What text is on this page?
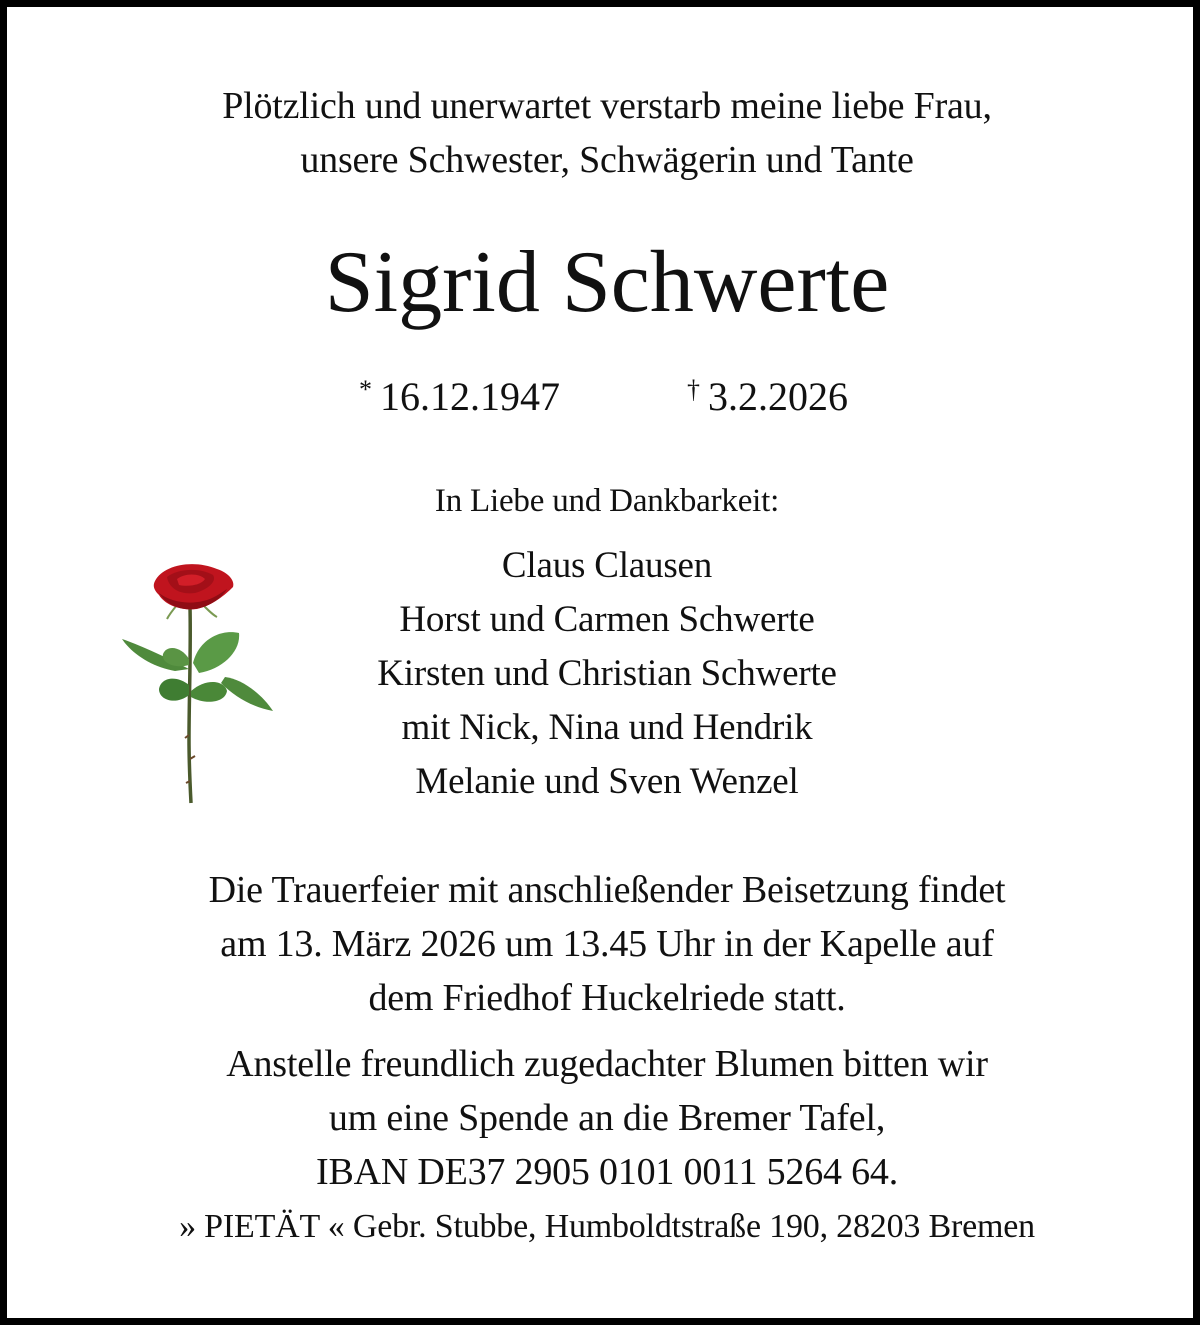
Plötzlich und unerwartet verstarb meine liebe Frau,
unsere Schwester, Schwägerin und Tante
Sigrid Schwerte
* 16.12.1947	† 3.2.2026
In Liebe und Dankbarkeit:
Claus Clausen
Horst und Carmen Schwerte
Kirsten und Christian Schwerte
mit Nick, Nina und Hendrik
Melanie und Sven Wenzel
Die Trauerfeier mit anschließender Beisetzung findet
am 13. März 2026 um 13.45 Uhr in der Kapelle auf
dem Friedhof Huckelriede statt.
Anstelle freundlich zugedachter Blumen bitten wir
um eine Spende an die Bremer Tafel,
IBAN DE37 2905 0101 0011 5264 64.
» PIETÄT « Gebr. Stubbe, Humboldtstraße 190, 28203 Bremen
